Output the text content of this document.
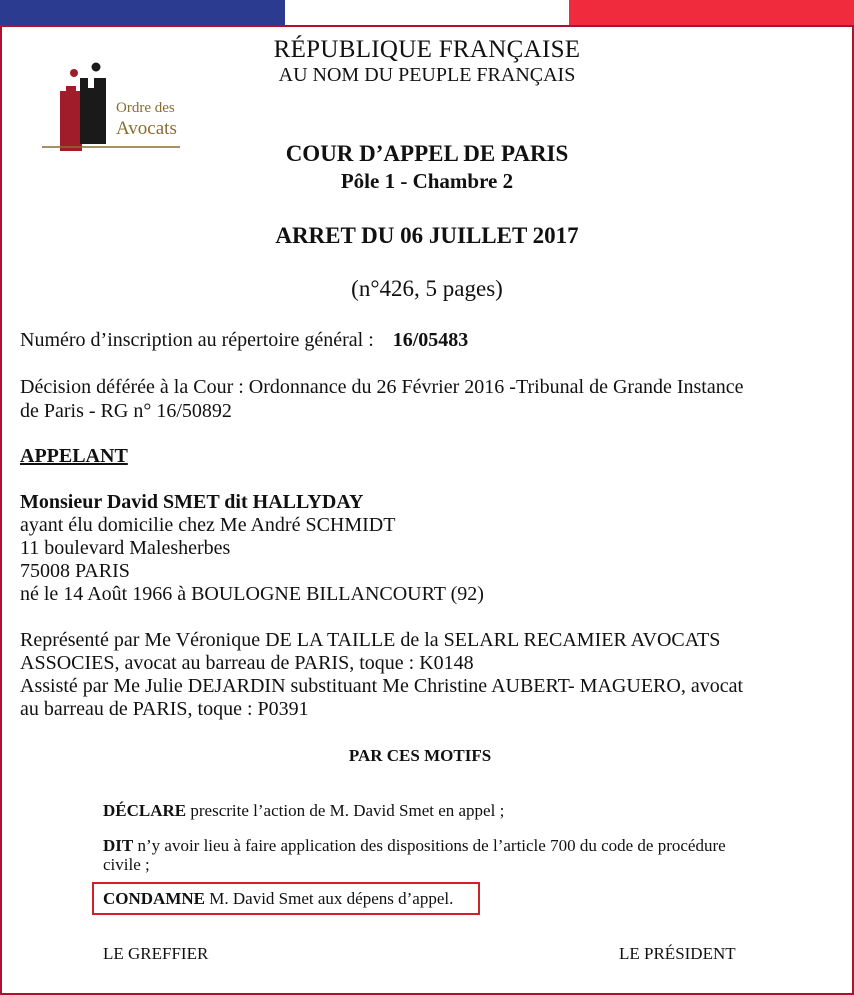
Ordre des
Avocats
RÉPUBLIQUE FRANÇAISE
AU NOM DU PEUPLE FRANÇAIS
COUR D’APPEL DE PARIS
Pôle 1 - Chambre 2
ARRET DU 06 JUILLET 2017
(n°426, 5 pages)
Numéro d’inscription au répertoire général : 16/05483
Décision déférée à la Cour : Ordonnance du 26 Février 2016 -Tribunal de Grande Instance
de Paris - RG n° 16/50892
APPELANT
Monsieur David SMET dit HALLYDAY
ayant élu domicilie chez Me André SCHMIDT
11 boulevard Malesherbes
75008 PARIS
né le 14 Août 1966 à BOULOGNE BILLANCOURT (92)
Représenté par Me Véronique DE LA TAILLE de la SELARL RECAMIER AVOCATS
ASSOCIES, avocat au barreau de PARIS, toque : K0148
Assisté par Me Julie DEJARDIN substituant Me Christine AUBERT- MAGUERO, avocat
au barreau de PARIS, toque : P0391
PAR CES MOTIFS
DÉCLARE prescrite l’action de M. David Smet en appel ;
DIT n’y avoir lieu à faire application des dispositions de l’article 700 du code de procédure
civile ;
CONDAMNE M. David Smet aux dépens d’appel.
LE GREFFIER	LE PRÉSIDENT
